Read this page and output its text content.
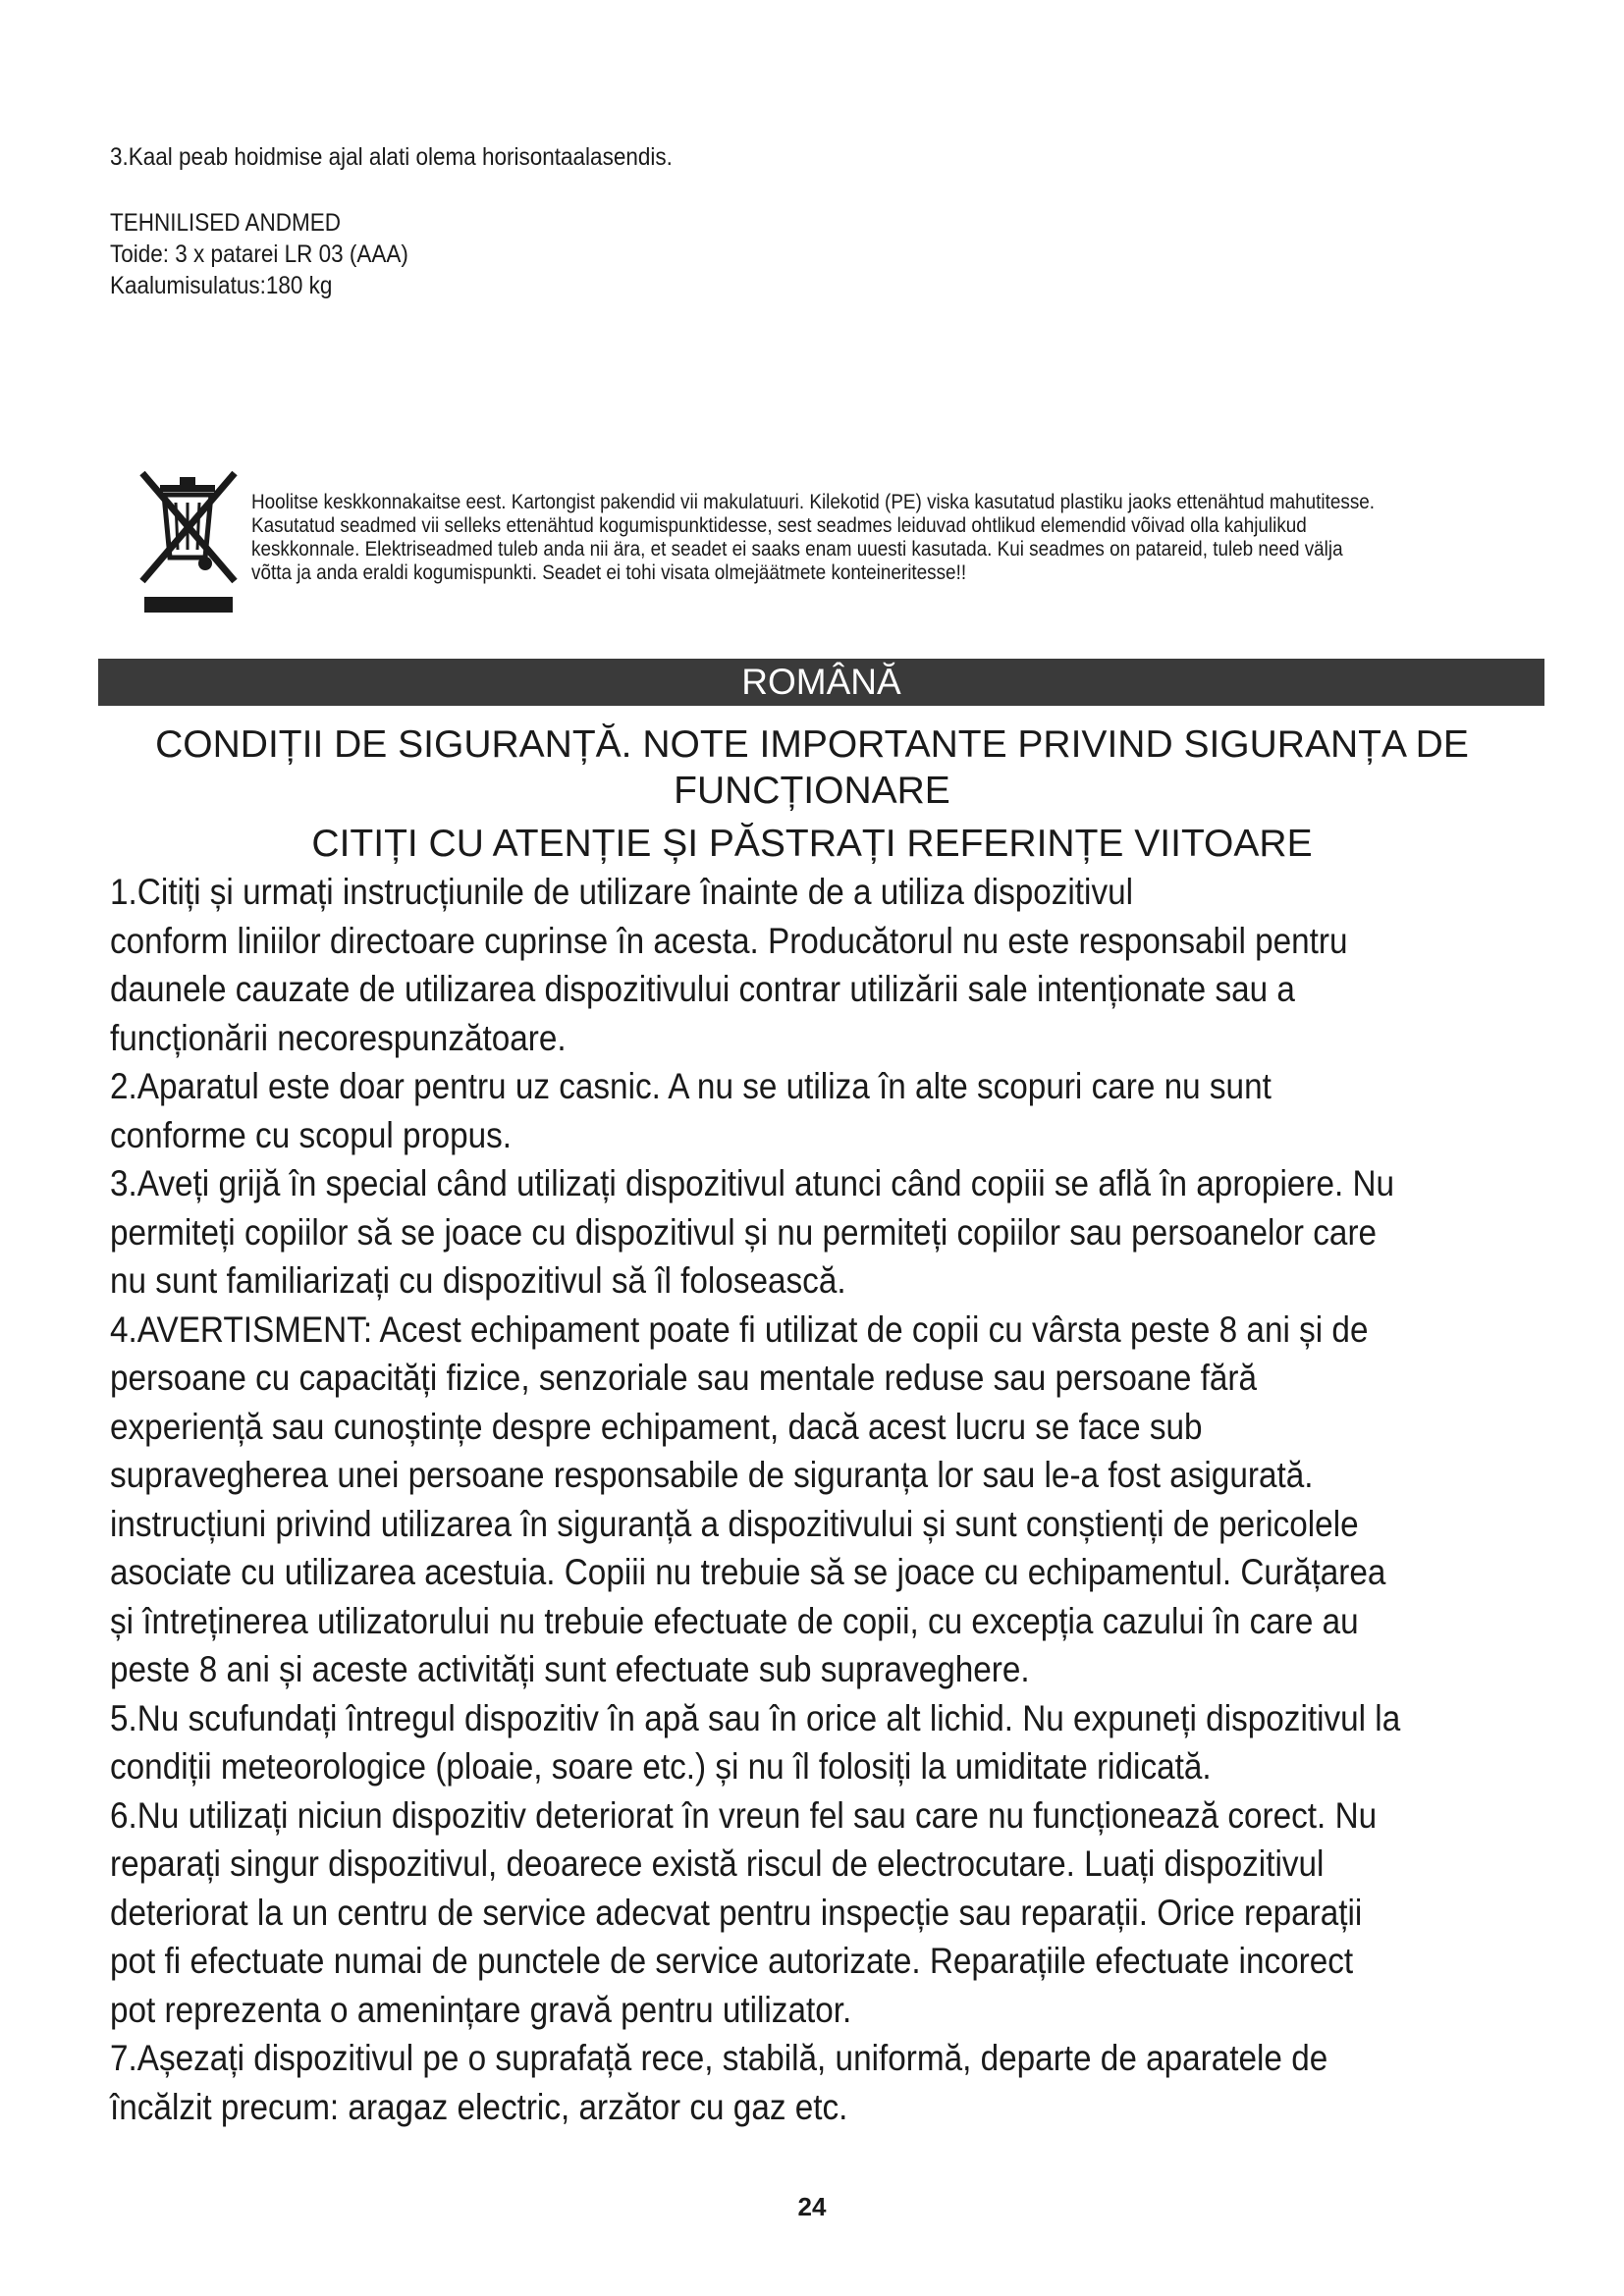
3.Kaal peab hoidmise ajal alati olema horisontaalasendis.
TEHNILISED ANDMED
Toide: 3 x patarei LR 03 (AAA)
Kaalumisulatus:180 kg
Hoolitse keskkonnakaitse eest. Kartongist pakendid vii makulatuuri. Kilekotid (PE) viska kasutatud plastiku jaoks ettenähtud mahutitesse.
Kasutatud seadmed vii selleks ettenähtud kogumispunktidesse, sest seadmes leiduvad ohtlikud elemendid võivad olla kahjulikud
keskkonnale. Elektriseadmed tuleb anda nii ära, et seadet ei saaks enam uuesti kasutada. Kui seadmes on patareid, tuleb need välja
võtta ja anda eraldi kogumispunkti. Seadet ei tohi visata olmejäätmete konteineritesse!!
ROMÂNĂ
CONDIȚII DE SIGURANȚĂ. NOTE IMPORTANTE PRIVIND SIGURANȚA DE
FUNCȚIONARE
CITIȚI CU ATENȚIE ȘI PĂSTRAȚI REFERINȚE VIITOARE
1.Citiți și urmați instrucțiunile de utilizare înainte de a utiliza dispozitivul
conform liniilor directoare cuprinse în acesta. Producătorul nu este responsabil pentru
daunele cauzate de utilizarea dispozitivului contrar utilizării sale intenționate sau a
funcționării necorespunzătoare.
2.Aparatul este doar pentru uz casnic. A nu se utiliza în alte scopuri care nu sunt
conforme cu scopul propus.
3.Aveți grijă în special când utilizați dispozitivul atunci când copiii se află în apropiere. Nu
permiteți copiilor să se joace cu dispozitivul și nu permiteți copiilor sau persoanelor care
nu sunt familiarizați cu dispozitivul să îl folosească.
4.AVERTISMENT: Acest echipament poate fi utilizat de copii cu vârsta peste 8 ani și de
persoane cu capacități fizice, senzoriale sau mentale reduse sau persoane fără
experiență sau cunoștințe despre echipament, dacă acest lucru se face sub
supravegherea unei persoane responsabile de siguranța lor sau le-a fost asigurată.
instrucțiuni privind utilizarea în siguranță a dispozitivului și sunt conștienți de pericolele
asociate cu utilizarea acestuia. Copiii nu trebuie să se joace cu echipamentul. Curățarea
și întreținerea utilizatorului nu trebuie efectuate de copii, cu excepția cazului în care au
peste 8 ani și aceste activități sunt efectuate sub supraveghere.
5.Nu scufundați întregul dispozitiv în apă sau în orice alt lichid. Nu expuneți dispozitivul la
condiții meteorologice (ploaie, soare etc.) și nu îl folosiți la umiditate ridicată.
6.Nu utilizați niciun dispozitiv deteriorat în vreun fel sau care nu funcționează corect. Nu
reparați singur dispozitivul, deoarece există riscul de electrocutare. Luați dispozitivul
deteriorat la un centru de service adecvat pentru inspecție sau reparații. Orice reparații
pot fi efectuate numai de punctele de service autorizate. Reparațiile efectuate incorect
pot reprezenta o amenințare gravă pentru utilizator.
7.Așezați dispozitivul pe o suprafață rece, stabilă, uniformă, departe de aparatele de
încălzit precum: aragaz electric, arzător cu gaz etc.
24
